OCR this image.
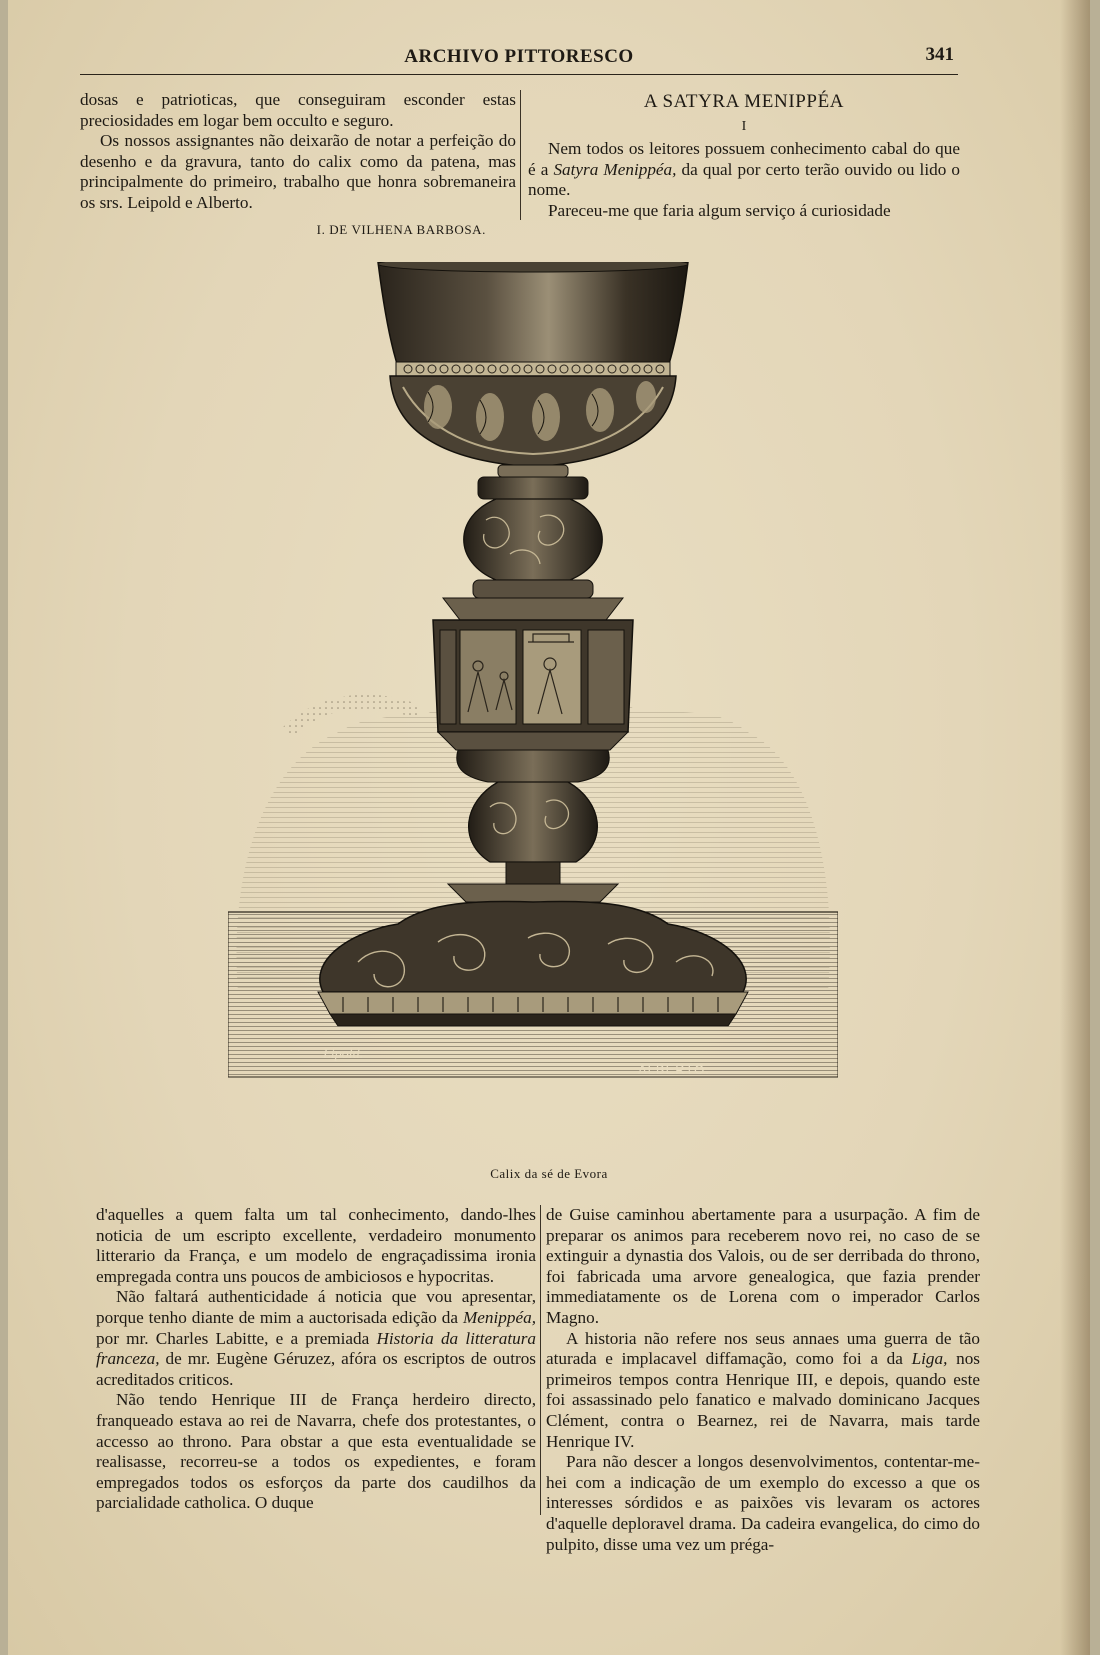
ARCHIVO PITTORESCO	341

dosas e patrioticas, que conseguiram esconder estas preciosidades em logar bem occulto e seguro.

Os nossos assignantes não deixarão de notar a perfeição do desenho e da gravura, tanto do calix como da patena, mas principalmente do primeiro, trabalho que honra sobremaneira os srs. Leipold e Alberto.

I. DE VILHENA BARBOSA.
A SATYRA MENIPPÉA
I

Nem todos os leitores possuem conhecimento cabal do que é a Satyra Menippéa, da qual por certo terão ouvido ou lido o nome.

Pareceu-me que faria algum serviço á curiosidade

Lipold.
ALBERTO.
Calix da sé de Evora

d'aquelles a quem falta um tal conhecimento, dando-lhes noticia de um escripto excellente, verdadeiro monumento litterario da França, e um modelo de engraçadissima ironia empregada contra uns poucos de ambiciosos e hypocritas.

Não faltará authenticidade á noticia que vou apresentar, porque tenho diante de mim a auctorisada edição da Menippéa, por mr. Charles Labitte, e a premiada Historia da litteratura franceza, de mr. Eugène Géruzez, afóra os escriptos de outros acreditados criticos.

Não tendo Henrique III de França herdeiro directo, franqueado estava ao rei de Navarra, chefe dos protestantes, o accesso ao throno. Para obstar a que esta eventualidade se realisasse, recorreu-se a todos os expedientes, e foram empregados todos os esforços da parte dos caudilhos da parcialidade catholica. O duque

de Guise caminhou abertamente para a usurpação. A fim de preparar os animos para receberem novo rei, no caso de se extinguir a dynastia dos Valois, ou de ser derribada do throno, foi fabricada uma arvore genealogica, que fazia prender immediatamente os de Lorena com o imperador Carlos Magno.

A historia não refere nos seus annaes uma guerra de tão aturada e implacavel diffamação, como foi a da Liga, nos primeiros tempos contra Henrique III, e depois, quando este foi assassinado pelo fanatico e malvado dominicano Jacques Clément, contra o Bearnez, rei de Navarra, mais tarde Henrique IV.

Para não descer a longos desenvolvimentos, contentar-me-hei com a indicação de um exemplo do excesso a que os interesses sórdidos e as paixões vis levaram os actores d'aquelle deploravel drama. Da cadeira evangelica, do cimo do pulpito, disse uma vez um préga-
